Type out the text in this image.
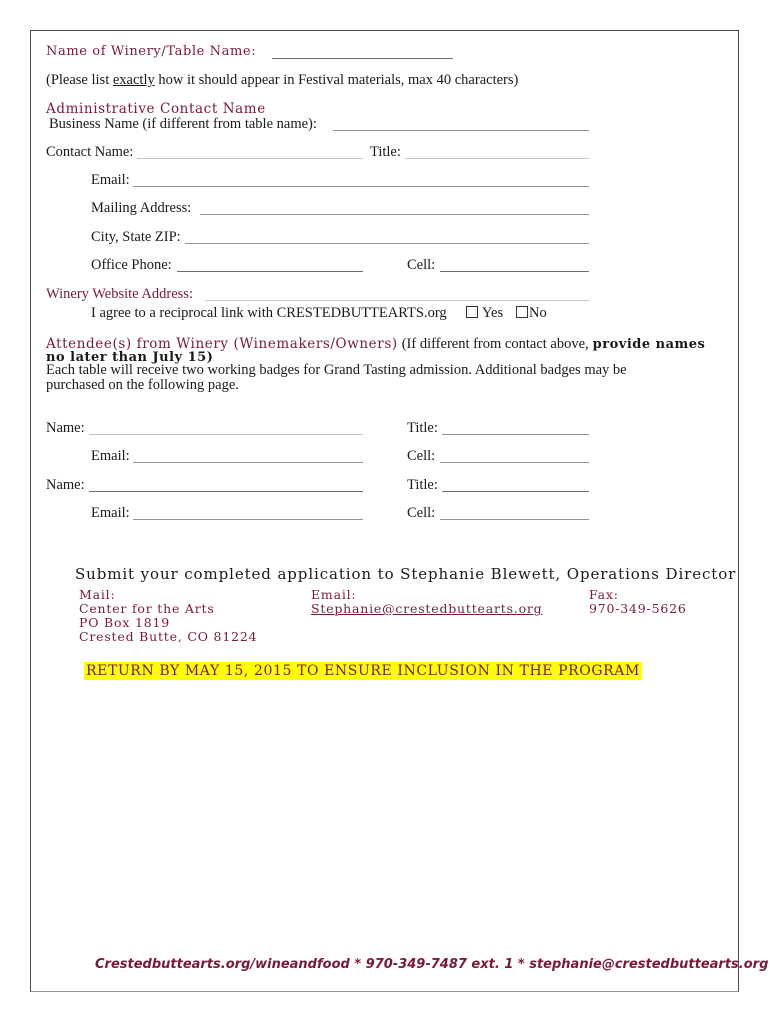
Name of Winery/Table Name:
(Please list exactly how it should appear in Festival materials, max 40 characters)
Administrative Contact Name
Business Name (if different from table name):
Contact Name:	Title:
Email:
Mailing Address:
City, State ZIP:
Office Phone:	Cell:
Winery Website Address:
I agree to a reciprocal link with CRESTEDBUTTEARTS.org	Yes	No
Attendee(s) from Winery (Winemakers/Owners) (If different from contact above, provide names
no later than July 15)
Each table will receive two working badges for Grand Tasting admission. Additional badges may be
purchased on the following page.
Name:	Title:
Email:	Cell:
Name:	Title:
Email:	Cell:
Submit your completed application to Stephanie Blewett, Operations Director
Mail:
Center for the Arts
PO Box 1819
Crested Butte, CO 81224
Email:
Stephanie@crestedbuttearts.org
Fax:
970-349-5626
RETURN BY MAY 15, 2015 TO ENSURE INCLUSION IN THE PROGRAM
Crestedbuttearts.org/wineandfood * 970-349-7487 ext. 1 * stephanie@crestedbuttearts.org
